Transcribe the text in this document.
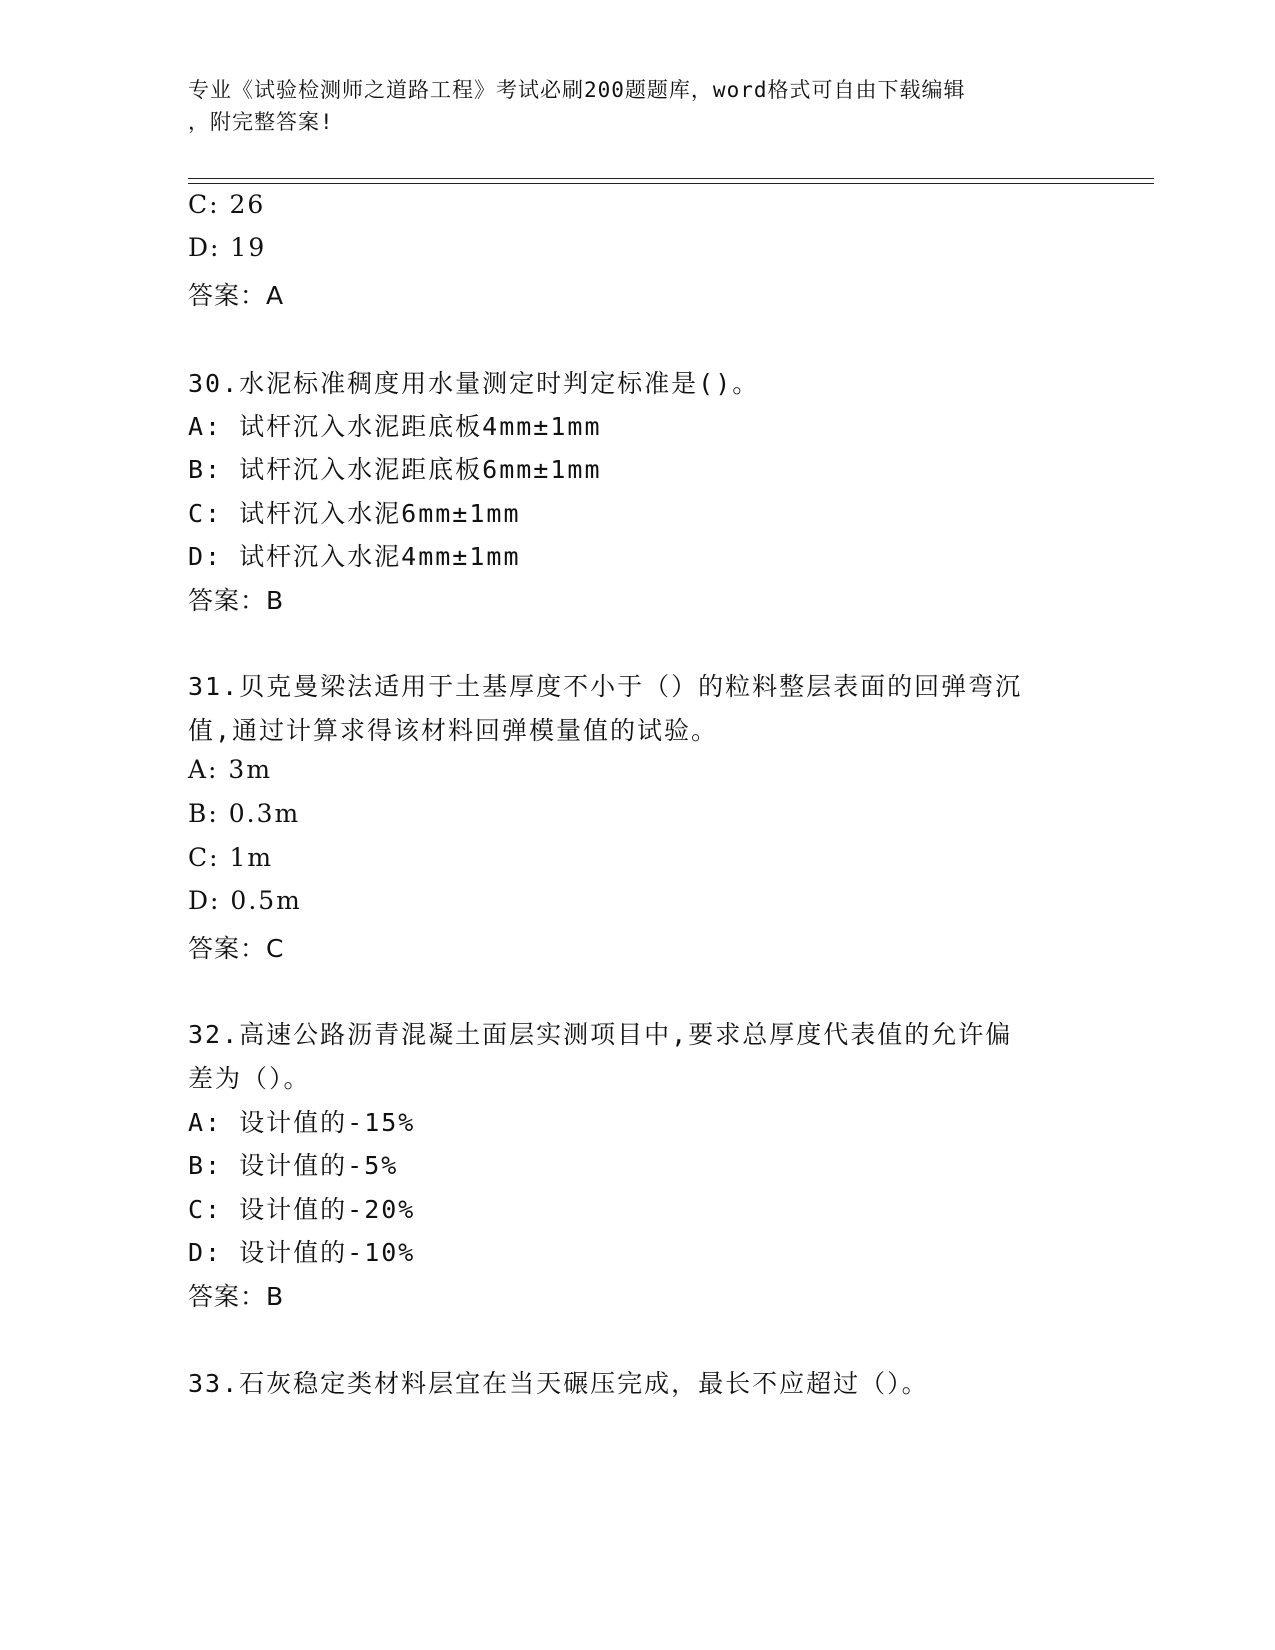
专业《试验检测师之道路工程》考试必刷200题题库，word格式可自由下载编辑
，附完整答案!
C: 26
D: 19
答案：A
30.水泥标准稠度用水量测定时判定标准是()。
A: 试杆沉入水泥距底板4mm±1mm
B: 试杆沉入水泥距底板6mm±1mm
C: 试杆沉入水泥6mm±1mm
D: 试杆沉入水泥4mm±1mm
答案：B
31.贝克曼梁法适用于土基厚度不小于（）的粒料整层表面的回弹弯沉
值,通过计算求得该材料回弹模量值的试验。
A: 3m
B: 0.3m
C: 1m
D: 0.5m
答案：C
32.高速公路沥青混凝土面层实测项目中,要求总厚度代表值的允许偏
差为（）。
A: 设计值的-15%
B: 设计值的-5%
C: 设计值的-20%
D: 设计值的-10%
答案：B
33.石灰稳定类材料层宜在当天碾压完成，最长不应超过（）。
